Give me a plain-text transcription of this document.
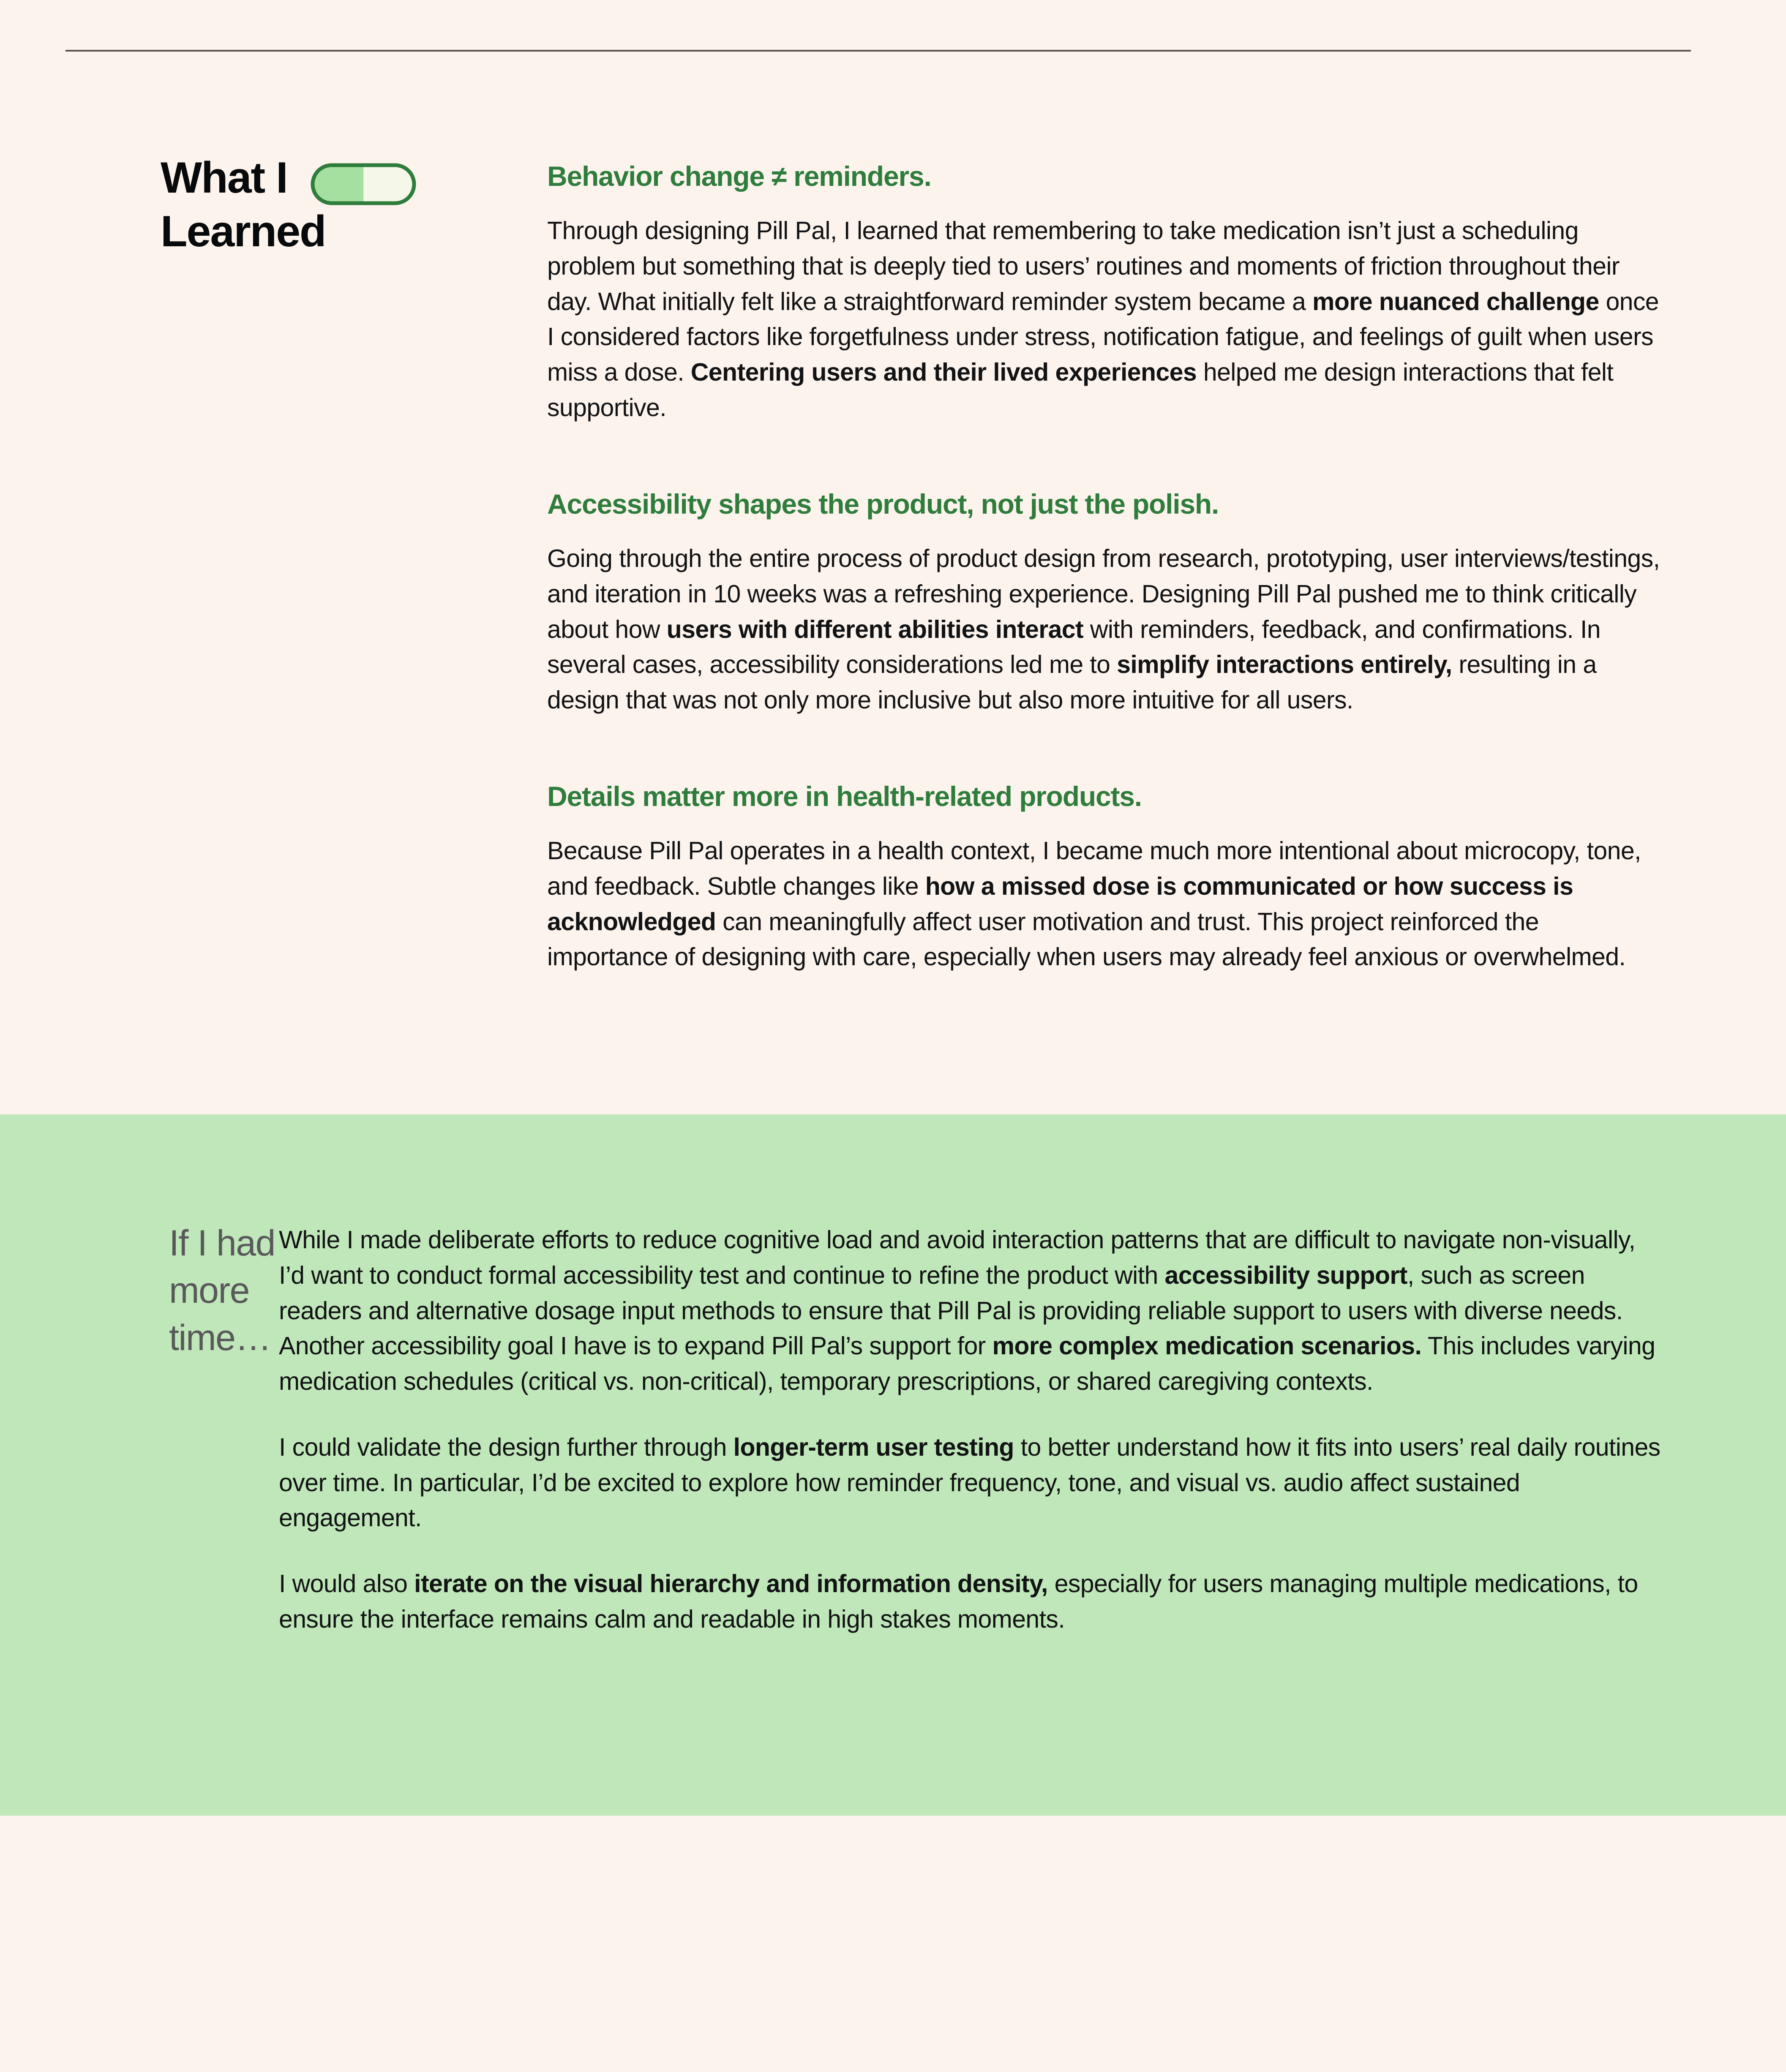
What I
Learned
Behavior change ≠ reminders.

Through designing Pill Pal, I learned that remembering to take medication isn’t just a scheduling problem but something that is deeply tied to users’ routines and moments of friction throughout their day. What initially felt like a straightforward reminder system became a more nuanced challenge once I considered factors like forgetfulness under stress, notification fatigue, and feelings of guilt when users miss a dose. Centering users and their lived experiences helped me design interactions that felt supportive.

Accessibility shapes the product, not just the polish.

Going through the entire process of product design from research, prototyping, user interviews/testings, and iteration in 10 weeks was a refreshing experience. Designing Pill Pal pushed me to think critically about how users with different abilities interact with reminders, feedback, and confirmations. In several cases, accessibility considerations led me to simplify interactions entirely, resulting in a design that was not only more inclusive but also more intuitive for all users.

Details matter more in health-related products.

Because Pill Pal operates in a health context, I became much more intentional about microcopy, tone, and feedback. Subtle changes like how a missed dose is communicated or how success is acknowledged can meaningfully affect user motivation and trust. This project reinforced the importance of designing with care, especially when users may already feel anxious or overwhelmed.

If I had
more
time…

While I made deliberate efforts to reduce cognitive load and avoid interaction patterns that are difficult to navigate non-visually, I’d want to conduct formal accessibility test and continue to refine the product with accessibility support, such as screen readers and alternative dosage input methods to ensure that Pill Pal is providing reliable support to users with diverse needs. Another accessibility goal I have is to expand Pill Pal’s support for more complex medication scenarios. This includes varying medication schedules (critical vs. non-critical), temporary prescriptions, or shared caregiving contexts.

I could validate the design further through longer-term user testing to better understand how it fits into users’ real daily routines over time. In particular, I’d be excited to explore how reminder frequency, tone, and visual vs. audio affect sustained engagement.

I would also iterate on the visual hierarchy and information density, especially for users managing multiple medications, to ensure the interface remains calm and readable in high stakes moments.
